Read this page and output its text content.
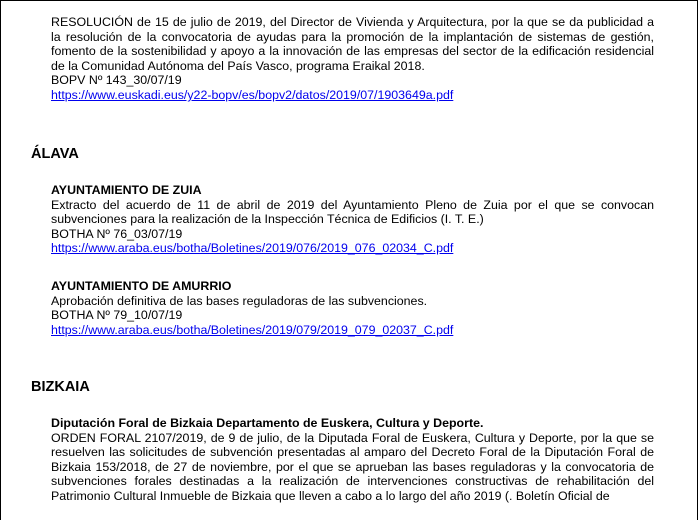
RESOLUCIÓN de 15 de julio de 2019, del Director de Vivienda y Arquitectura, por la que se da publicidad a la resolución de la convocatoria de ayudas para la promoción de la implantación de sistemas de gestión, fomento de la sostenibilidad y apoyo a la innovación de las empresas del sector de la edificación residencial de la Comunidad Autónoma del País Vasco, programa Eraikal 2018.
BOPV Nº 143_30/07/19
https://www.euskadi.eus/y22-bopv/es/bopv2/datos/2019/07/1903649a.pdf
ÁLAVA
AYUNTAMIENTO DE ZUIA
Extracto del acuerdo de 11 de abril de 2019 del Ayuntamiento Pleno de Zuia por el que se convocan subvenciones para la realización de la Inspección Técnica de Edificios (I. T. E.)
BOTHA Nº 76_03/07/19
https://www.araba.eus/botha/Boletines/2019/076/2019_076_02034_C.pdf
AYUNTAMIENTO DE AMURRIO
Aprobación definitiva de las bases reguladoras de las subvenciones.
BOTHA Nº 79_10/07/19
https://www.araba.eus/botha/Boletines/2019/079/2019_079_02037_C.pdf
BIZKAIA
Diputación Foral de Bizkaia Departamento de Euskera, Cultura y Deporte.
ORDEN FORAL 2107/2019, de 9 de julio, de la Diputada Foral de Euskera, Cultura y Deporte, por la que se resuelven las solicitudes de subvención presentadas al amparo del Decreto Foral de la Diputación Foral de Bizkaia 153/2018, de 27 de noviembre, por el que se aprueban las bases reguladoras y la convocatoria de subvenciones forales destinadas a la realización de intervenciones constructivas de rehabilitación del Patrimonio Cultural Inmueble de Bizkaia que lleven a cabo a lo largo del año 2019 (. Boletín Oficial de
